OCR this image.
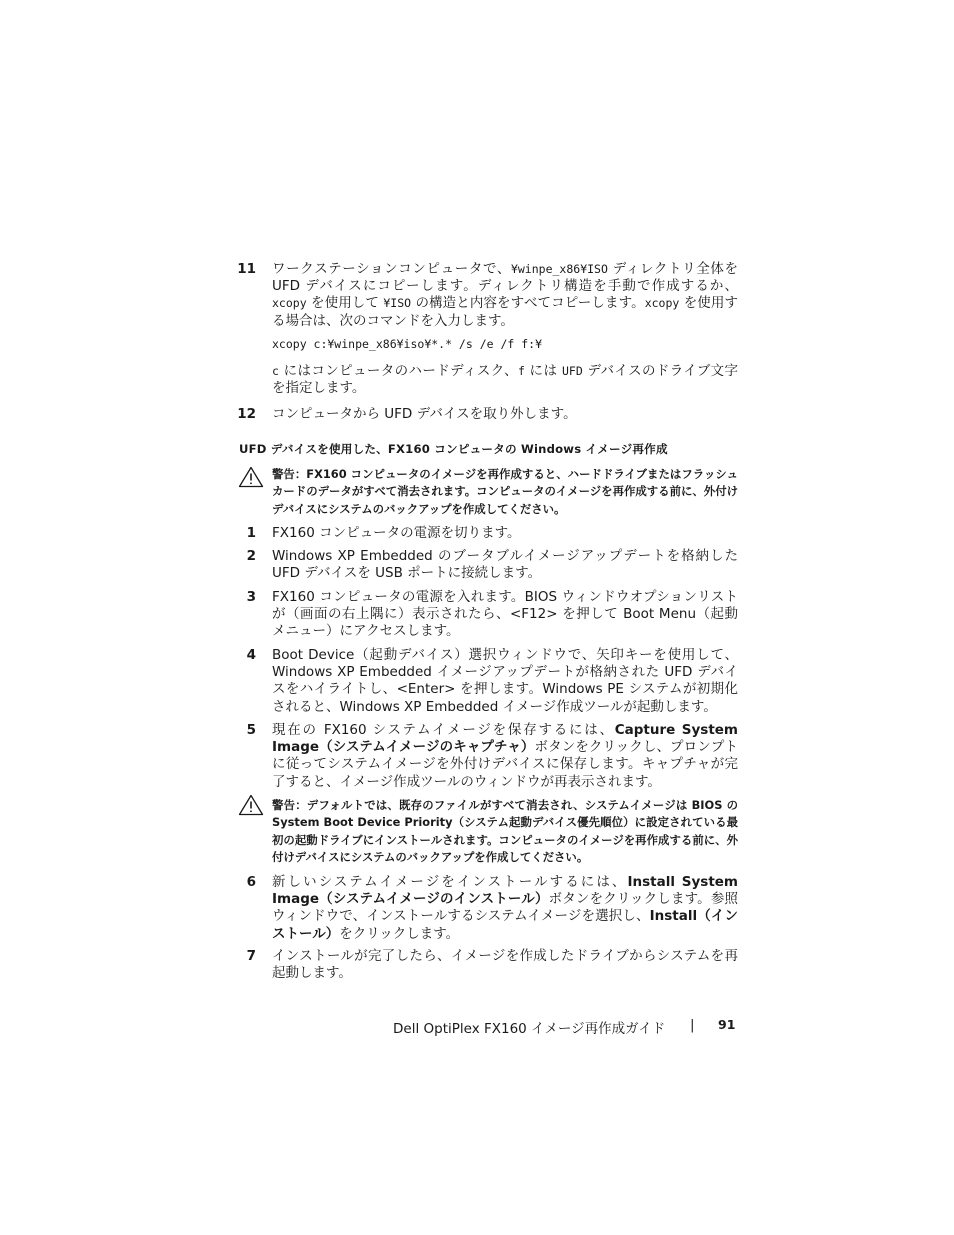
11 ワークステーションコンピュータで、¥winpe_x86¥ISO ディレクトリ全体を UFD デバイスにコピーします。ディレクトリ構造を手動で作成するか、xcopy を使用して ¥ISO の構造と内容をすべてコピーします。xcopy を使用する場合は、次のコマンドを入力します。
xcopy c:¥winpe_x86¥iso¥*.* /s /e /f f:¥
c にはコンピュータのハードディスク、f には UFD デバイスのドライブ文字を指定します。
12 コンピュータから UFD デバイスを取り外します。
UFD デバイスを使用した、FX160 コンピュータの Windows イメージ再作成
警告：FX160 コンピュータのイメージを再作成すると、ハードドライブまたはフラッシュカードのデータがすべて消去されます。コンピュータのイメージを再作成する前に、外付けデバイスにシステムのバックアップを作成してください。
1 FX160 コンピュータの電源を切ります。
2 Windows XP Embedded のブータブルイメージアップデートを格納した UFD デバイスを USB ポートに接続します。
3 FX160 コンピュータの電源を入れます。BIOS ウィンドウオプションリストが（画面の右上隅に）表示されたら、<F12> を押して Boot Menu（起動メニュー）にアクセスします。
4 Boot Device（起動デバイス）選択ウィンドウで、矢印キーを使用して、Windows XP Embedded イメージアップデートが格納された UFD デバイスをハイライトし、<Enter> を押します。Windows PE システムが初期化されると、Windows XP Embedded イメージ作成ツールが起動します。
5 現在の FX160 システムイメージを保存するには、Capture System Image（システムイメージのキャプチャ）ボタンをクリックし、プロンプトに従ってシステムイメージを外付けデバイスに保存します。キャプチャが完了すると、イメージ作成ツールのウィンドウが再表示されます。
警告：デフォルトでは、既存のファイルがすべて消去され、システムイメージは BIOS の System Boot Device Priority（システム起動デバイス優先順位）に設定されている最初の起動ドライブにインストールされます。コンピュータのイメージを再作成する前に、外付けデバイスにシステムのバックアップを作成してください。
6 新しいシステムイメージをインストールするには、Install System Image（システムイメージのインストール）ボタンをクリックします。参照ウィンドウで、インストールするシステムイメージを選択し、Install（インストール）をクリックします。
7 インストールが完了したら、イメージを作成したドライブからシステムを再起動します。
Dell OptiPlex FX160 イメージ再作成ガイド | 91
